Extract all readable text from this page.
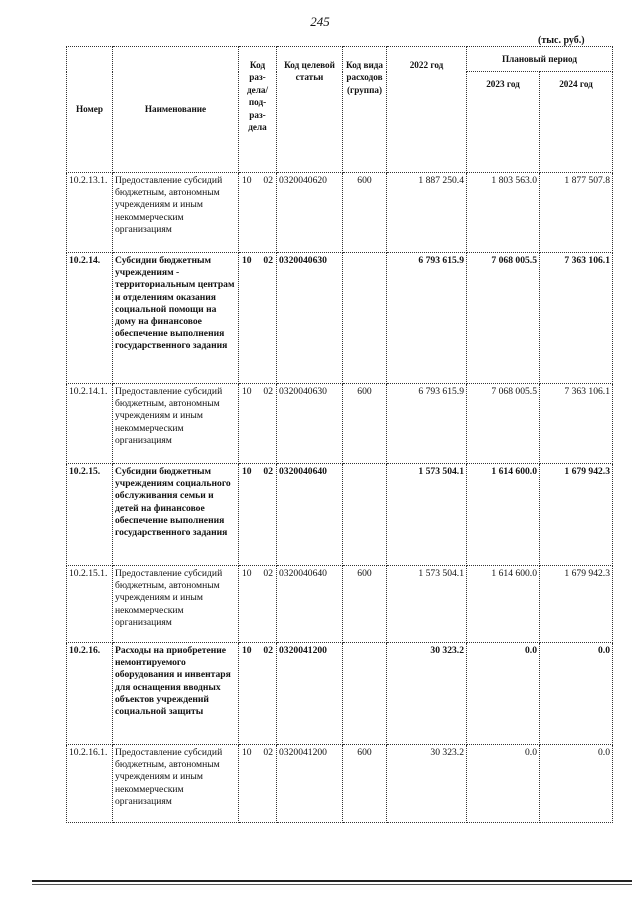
245
(тыс. руб.)
Номер	Наименование	Код раз-дела/ под-раз-дела	Код целевой статьи	Код вида расходов (группа)	2022 год	Плановый период	
						2023 год	2024 год
10.2.13.1.	Предоставление субсидий бюджетным, автономным учреждениям и иным некоммерческим организациям	10 02	0320040620	600	1 887 250.4	1 803 563.0	1 877 507.8
10.2.14.	Субсидии бюджетным учреждениям - территориальным центрам и отделениям оказания социальной помощи на дому на финансовое обеспечение выполнения государственного задания	10 02	0320040630		6 793 615.9	7 068 005.5	7 363 106.1
10.2.14.1.	Предоставление субсидий бюджетным, автономным учреждениям и иным некоммерческим организациям	10 02	0320040630	600	6 793 615.9	7 068 005.5	7 363 106.1
10.2.15.	Субсидии бюджетным учреждениям социального обслуживания семьи и детей на финансовое обеспечение выполнения государственного задания	10 02	0320040640		1 573 504.1	1 614 600.0	1 679 942.3
10.2.15.1.	Предоставление субсидий бюджетным, автономным учреждениям и иным некоммерческим организациям	10 02	0320040640	600	1 573 504.1	1 614 600.0	1 679 942.3
10.2.16.	Расходы на приобретение немонтируемого оборудования и инвентаря для оснащения вводных объектов учреждений социальной защиты	10 02	0320041200		30 323.2	0.0	0.0
10.2.16.1.	Предоставление субсидий бюджетным, автономным учреждениям и иным некоммерческим организациям	10 02	0320041200	600	30 323.2	0.0	0.0
